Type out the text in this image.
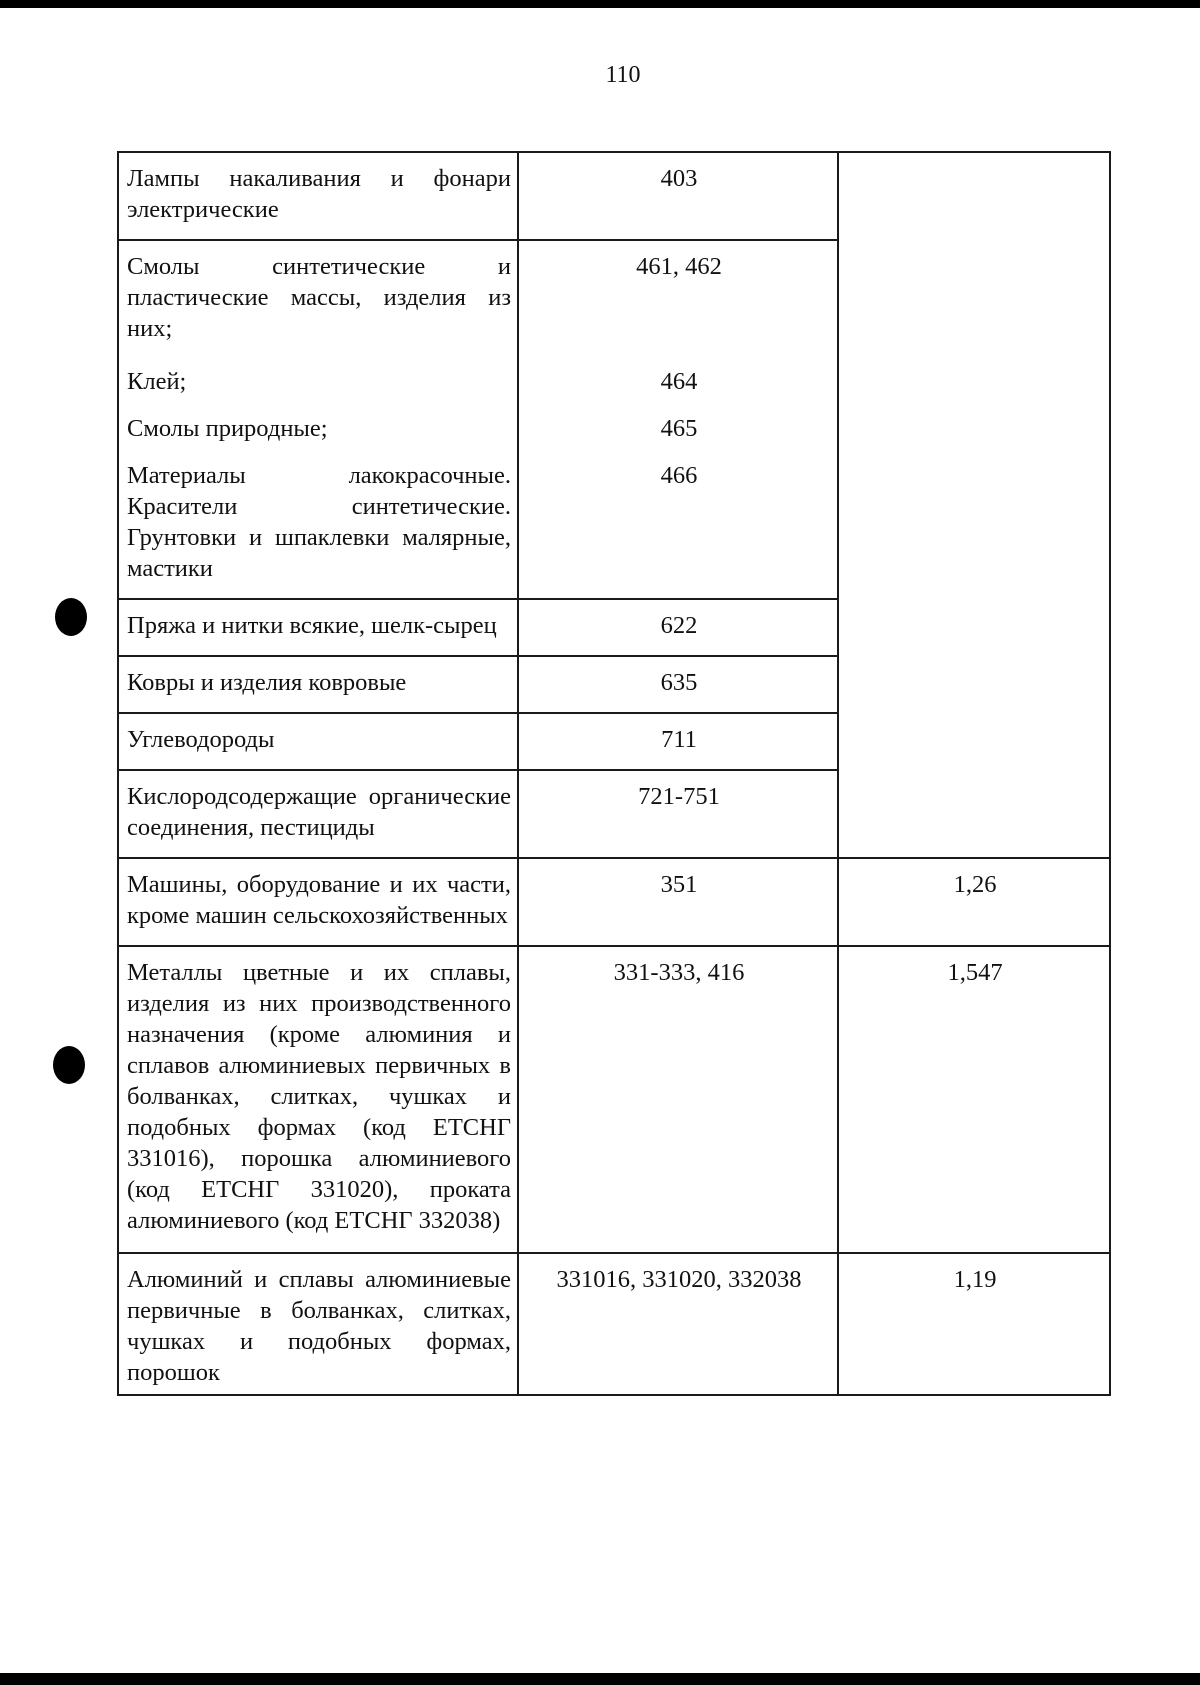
110
Лампы накаливания и фонари электрические	403	
Смолы синтетические и пластические массы, изделия из них;	461, 462	
Клей;	464	
Смолы природные;	465	
Материалы лакокрасочные. Красители синтетические. Грунтовки и шпаклевки малярные, мастики	466	
Пряжа и нитки всякие, шелк-сырец	622	
Ковры и изделия ковровые	635	
Углеводороды	711	
Кислородсодержащие органические соединения, пестициды	721-751	
Машины, оборудование и их части, кроме машин сельскохозяйственных	351	1,26
Металлы цветные и их сплавы, изделия из них производственного назначения (кроме алюминия и сплавов алюминиевых первичных в болванках, слитках, чушках и подобных формах (код ЕТСНГ 331016), порошка алюминиевого (код ЕТСНГ 331020), проката алюминиевого (код ЕТСНГ 332038)	331-333, 416	1,547
Алюминий и сплавы алюминиевые первичные в болванках, слитках, чушках и подобных формах, порошок	331016, 331020, 332038	1,19
